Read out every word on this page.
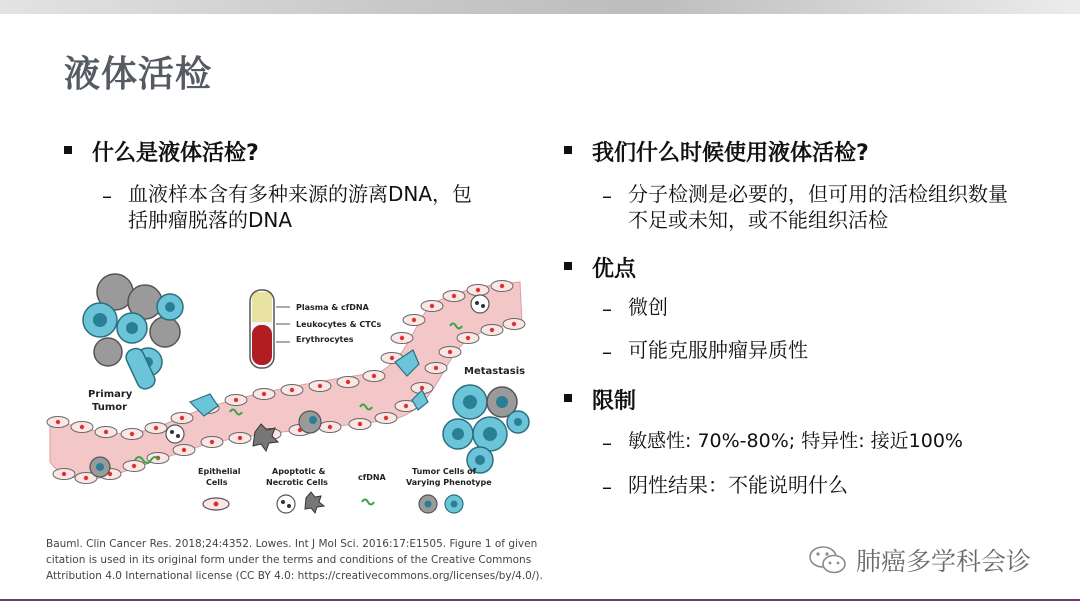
液体活检
什么是液体活检?
– 血液样本含有多种来源的游离DNA，包
括肿瘤脱落的DNA
我们什么时候使用液体活检?
– 分子检测是必要的，但可用的活检组织数量
不足或未知，或不能组织活检
优点
– 微创
– 可能克服肿瘤异质性
限制
– 敏感性: 70%-80%; 特异性: 接近100%
– 阴性结果：不能说明什么
Primary
Tumor
Plasma & cfDNA
Leukocytes & CTCs
Erythrocytes
Metastasis
Epithelial
Cells
Apoptotic &
Necrotic Cells
cfDNA
Tumor Cells of
Varying Phenotype
Bauml. Clin Cancer Res. 2018;24:4352. Lowes. Int J Mol Sci. 2016:17:E1505. Figure 1 of given
citation is used in its original form under the terms and conditions of the Creative Commons
Attribution 4.0 International license (CC BY 4.0: https://creativecommons.org/licenses/by/4.0/).	肺癌多学科会诊
